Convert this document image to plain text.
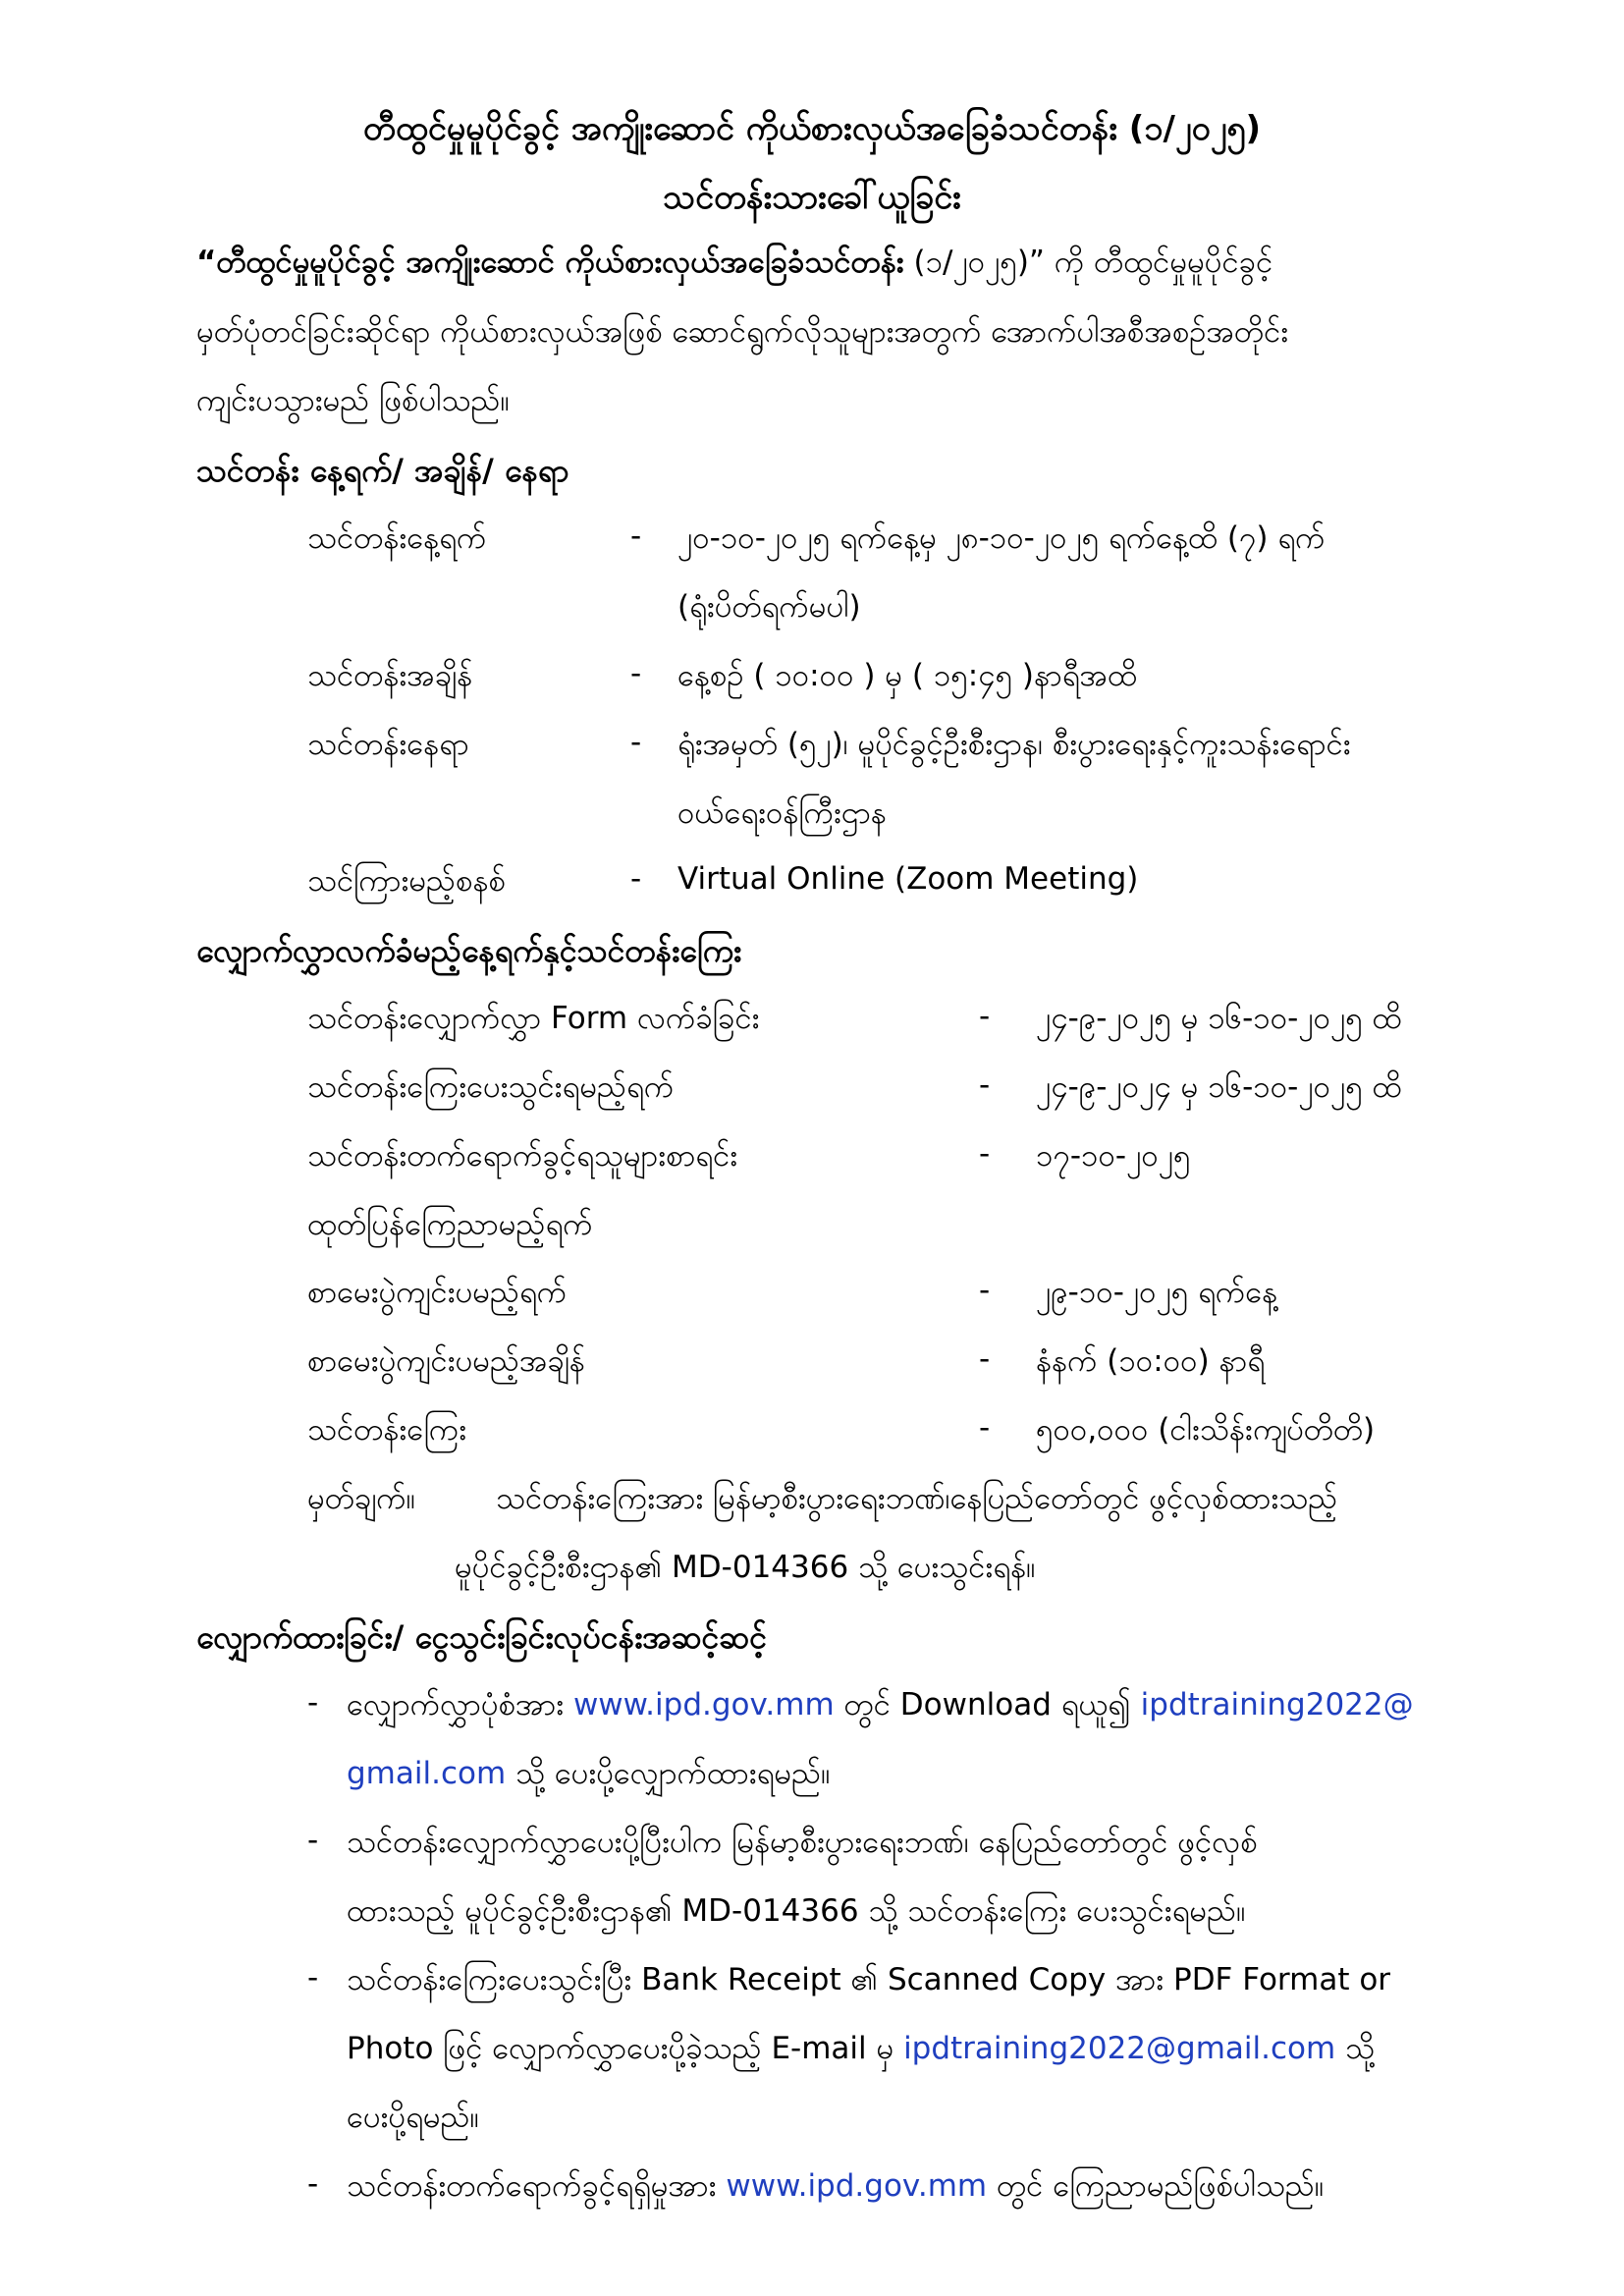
တီထွင်မှုမူပိုင်ခွင့် အကျိုးဆောင် ကိုယ်စားလှယ်အခြေခံသင်တန်း (၁/၂၀၂၅)
သင်တန်းသားခေါ်ယူခြင်း
“တီထွင်မှုမူပိုင်ခွင့် အကျိုးဆောင် ကိုယ်စားလှယ်အခြေခံသင်တန်း (၁/၂၀၂၅)” ကို တီထွင်မှုမူပိုင်ခွင့်
မှတ်ပုံတင်ခြင်းဆိုင်ရာ ကိုယ်စားလှယ်အဖြစ် ဆောင်ရွက်လိုသူများအတွက် အောက်ပါအစီအစဉ်အတိုင်း
ကျင်းပသွားမည် ဖြစ်ပါသည်။
သင်တန်း နေ့ရက်/ အချိန်/ နေရာ
သင်တန်းနေ့ရက်	- ၂၀-၁၀-၂၀၂၅ ရက်နေ့မှ ၂၈-၁၀-၂၀၂၅ ရက်နေ့ထိ (၇) ရက်
(ရုံးပိတ်ရက်မပါ)
သင်တန်းအချိန်	- နေ့စဉ် ( ၁၀:၀၀ ) မှ ( ၁၅:၄၅ )နာရီအထိ
သင်တန်းနေရာ	- ရုံးအမှတ် (၅၂)၊ မူပိုင်ခွင့်ဦးစီးဌာန၊ စီးပွားရေးနှင့်ကူးသန်းရောင်း
ဝယ်ရေးဝန်ကြီးဌာန
သင်ကြားမည့်စနစ်	- Virtual Online (Zoom Meeting)
လျှောက်လွှာလက်ခံမည့်နေ့ရက်နှင့်သင်တန်းကြေး
သင်တန်းလျှောက်လွှာ Form လက်ခံခြင်း	- ၂၄-၉-၂၀၂၅ မှ ၁၆-၁၀-၂၀၂၅ ထိ
သင်တန်းကြေးပေးသွင်းရမည့်ရက်	- ၂၄-၉-၂၀၂၄ မှ ၁၆-၁၀-၂၀၂၅ ထိ
သင်တန်းတက်ရောက်ခွင့်ရသူများစာရင်း
ထုတ်ပြန်ကြေညာမည့်ရက်
- ၁၇-၁၀-၂၀၂၅
စာမေးပွဲကျင်းပမည့်ရက်	- ၂၉-၁၀-၂၀၂၅ ရက်နေ့
စာမေးပွဲကျင်းပမည့်အချိန်	- နံနက် (၁၀:၀၀) နာရီ
သင်တန်းကြေး	- ၅၀၀,၀၀၀ (ငါးသိန်းကျပ်တိတိ)
မှတ်ချက်။	သင်တန်းကြေးအား မြန်မာ့စီးပွားရေးဘဏ်၊နေပြည်တော်တွင် ဖွင့်လှစ်ထားသည့်
မူပိုင်ခွင့်ဦးစီးဌာန၏ MD-014366 သို့ ပေးသွင်းရန်။
လျှောက်ထားခြင်း/ ငွေသွင်းခြင်းလုပ်ငန်းအဆင့်ဆင့်
- လျှောက်လွှာပုံစံအား www.ipd.gov.mm တွင် Download ရယူ၍ ipdtraining2022@
gmail.com သို့ ပေးပို့လျှောက်ထားရမည်။
- သင်တန်းလျှောက်လွှာပေးပို့ပြီးပါက မြန်မာ့စီးပွားရေးဘဏ်၊ နေပြည်တော်တွင် ဖွင့်လှစ်
ထားသည့် မူပိုင်ခွင့်ဦးစီးဌာန၏ MD-014366 သို့ သင်တန်းကြေး ပေးသွင်းရမည်။
- သင်တန်းကြေးပေးသွင်းပြီး Bank Receipt ၏ Scanned Copy အား PDF Format or
Photo ဖြင့် လျှောက်လွှာပေးပို့ခဲ့သည့် E-mail မှ ipdtraining2022@gmail.com သို့
ပေးပို့ရမည်။
- သင်တန်းတက်ရောက်ခွင့်ရရှိမှုအား www.ipd.gov.mm တွင် ကြေညာမည်ဖြစ်ပါသည်။
